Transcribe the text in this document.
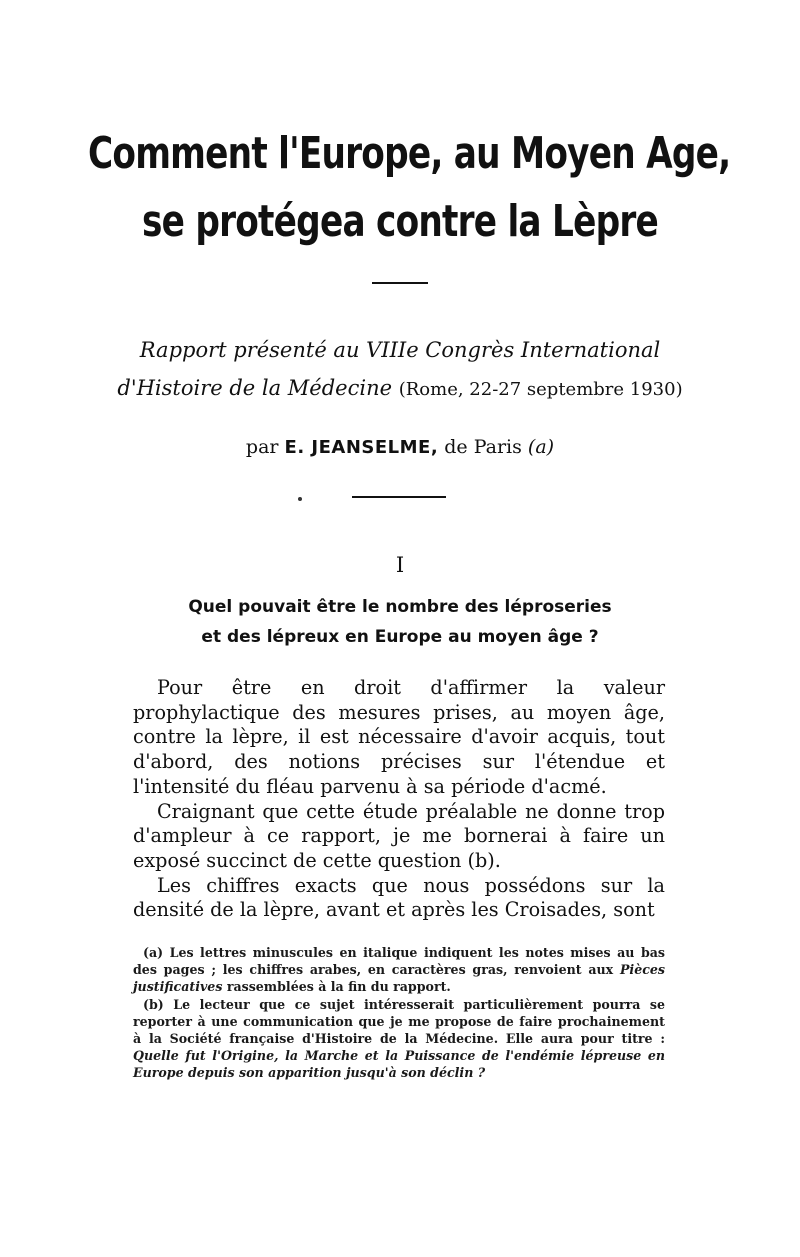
Comment l'Europe, au Moyen Age,
se protégea contre la Lèpre
Rapport présenté au VIIIe Congrès International
d'Histoire de la Médecine (Rome, 22-27 septembre 1930)
par E. JEANSELME, de Paris (a)
I
Quel pouvait être le nombre des léproseries
et des lépreux en Europe au moyen âge ?

Pour être en droit d'affirmer la valeur prophylactique des mesures prises, au moyen âge, contre la lèpre, il est nécessaire d'avoir acquis, tout d'abord, des notions précises sur l'étendue et l'intensité du fléau parvenu à sa période d'acmé.

Craignant que cette étude préalable ne donne trop d'ampleur à ce rapport, je me bornerai à faire un exposé succinct de cette question (b).

Les chiffres exacts que nous possédons sur la densité de la lèpre, avant et après les Croisades, sont

(a) Les lettres minuscules en italique indiquent les notes mises au bas des pages ; les chiffres arabes, en caractères gras, renvoient aux Pièces justificatives rassemblées à la fin du rapport.

(b) Le lecteur que ce sujet intéresserait particulièrement pourra se reporter à une communication que je me propose de faire prochainement à la Société française d'Histoire de la Médecine. Elle aura pour titre : Quelle fut l'Origine, la Marche et la Puissance de l'endémie lépreuse en Europe depuis son apparition jusqu'à son déclin ?
